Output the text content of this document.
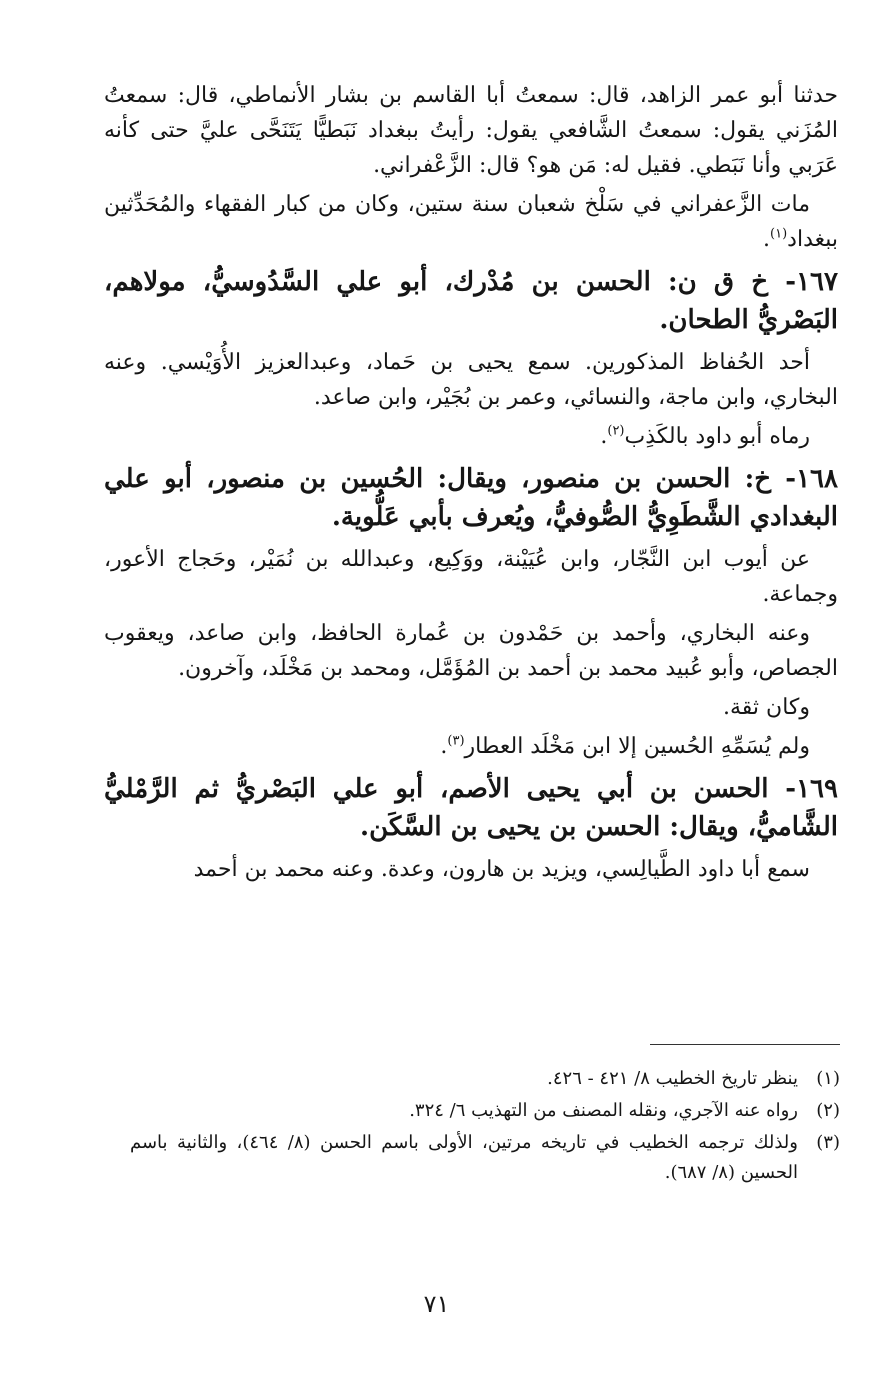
حدثنا أبو عمر الزاهد، قال: سمعتُ أبا القاسم بن بشار الأنماطي، قال: سمعتُ المُزَني يقول: سمعتُ الشَّافعي يقول: رأيتُ ببغداد نَبَطيًّا يَتَنَحَّى عليَّ حتى كأنه عَرَبي وأنا نَبَطي. فقيل له: مَن هو؟ قال: الزَّعْفراني.

مات الزَّعفراني في سَلْخ شعبان سنة ستين، وكان من كبار الفقهاء والمُحَدِّثين ببغداد$^{(١)}$.

١٦٧- خ ق ن: الحسن بن مُدْرك، أبو علي السَّدُوسيُّ، مولاهم، البَصْريُّ الطحان.

أحد الحُفاظ المذكورين. سمع يحيى بن حَماد، وعبدالعزيز الأُوَيْسي. وعنه البخاري، وابن ماجة، والنسائي، وعمر بن بُجَيْر، وابن صاعد.

رماه أبو داود بالكَذِب$^{(٢)}$.

١٦٨- خ: الحسن بن منصور، ويقال: الحُسين بن منصور، أبو علي البغدادي الشَّطَوِيُّ الصُّوفيُّ، ويُعرف بأبي عَلُّوية.

عن أيوب ابن النَّجّار، وابن عُيَيْنة، ووَكِيع، وعبدالله بن نُمَيْر، وحَجاج الأعور، وجماعة.

وعنه البخاري، وأحمد بن حَمْدون بن عُمارة الحافظ، وابن صاعد، ويعقوب الجصاص، وأبو عُبيد محمد بن أحمد بن المُؤَمَّل، ومحمد بن مَخْلَد، وآخرون.

وكان ثقة.

ولم يُسَمِّهِ الحُسين إلا ابن مَخْلَد العطار$^{(٣)}$.

١٦٩- الحسن بن أبي يحيى الأصم، أبو علي البَصْريُّ ثم الرَّمْليُّ الشَّاميُّ، ويقال: الحسن بن يحيى بن السَّكَن.

سمع أبا داود الطَّيالِسي، ويزيد بن هارون، وعدة. وعنه محمد بن أحمد

(١)
ينظر تاريخ الخطيب ٨/ ٤٢١ - ٤٢٦.
(٢)
رواه عنه الآجري، ونقله المصنف من التهذيب ٦/ ٣٢٤.
(٣)
ولذلك ترجمه الخطيب في تاريخه مرتين، الأولى باسم الحسن (٨/ ٤٦٤)، والثانية باسم الحسين (٨/ ٦٨٧).
٧١
